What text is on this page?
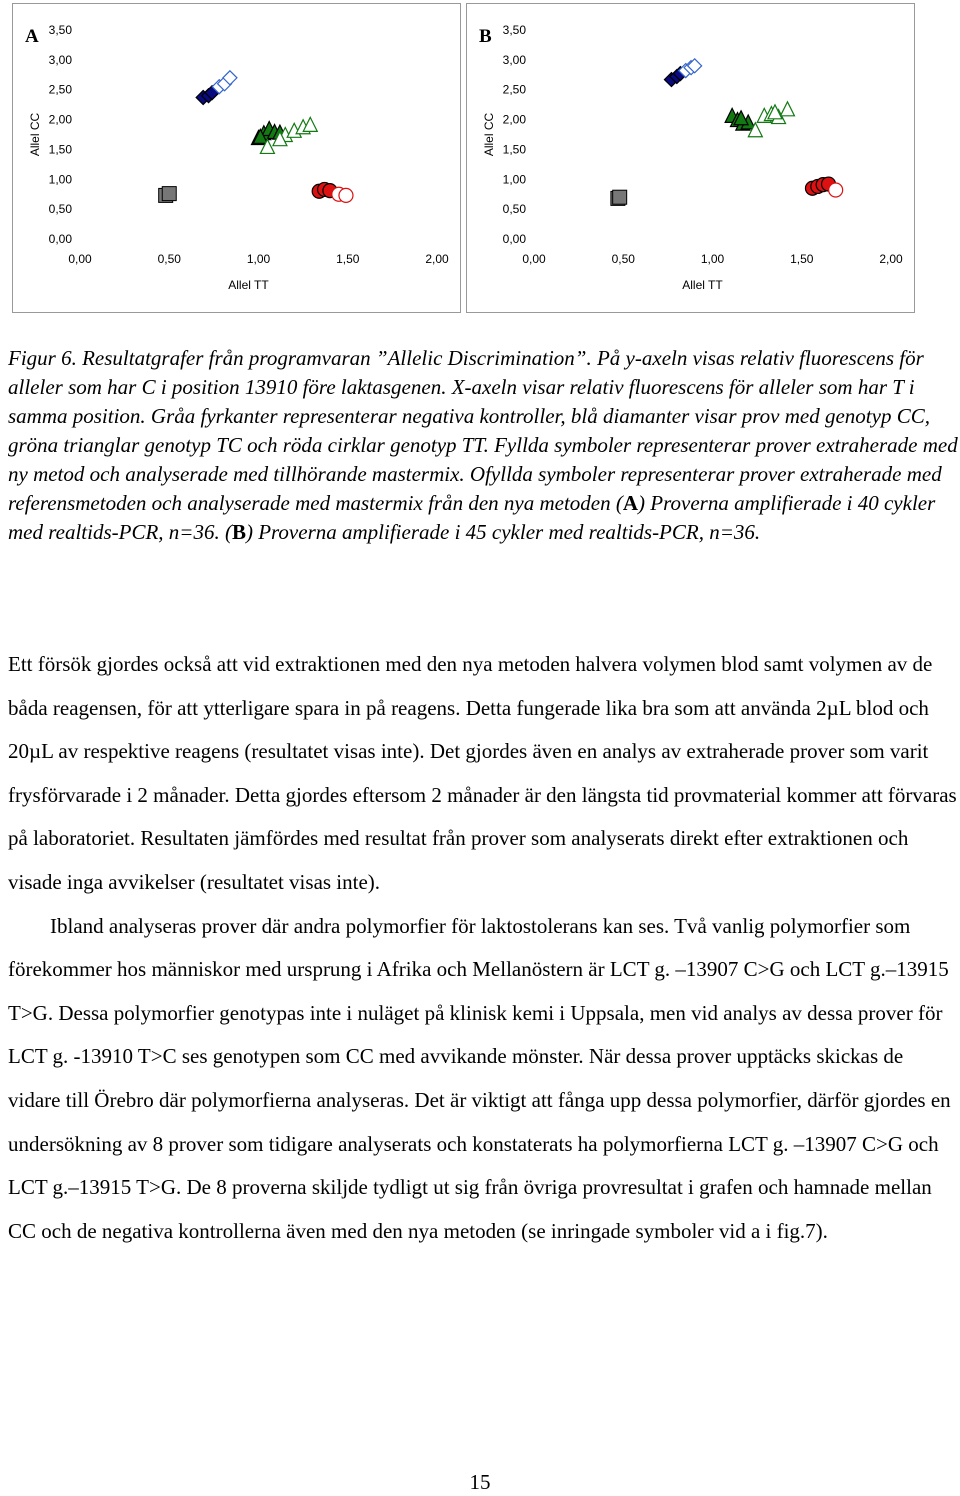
A
0,00
0,50
1,00
1,50
2,00
2,50
3,00
3,50
0,00	0,50	1,00	1,50	2,00
Allel TT
Allel CC
B
0,00
0,50
1,00
1,50
2,00
2,50
3,00
3,50
0,00	0,50	1,00	1,50	2,00
Allel TT
Allel CC

Figur 6. Resultatgrafer från programvaran ”Allelic Discrimination”. På y-axeln visas relativ fluorescens för alleler som har C i position 13910 före laktasgenen. X-axeln visar relativ fluorescens för alleler som har T i samma position. Gråa fyrkanter representerar negativa kontroller, blå diamanter visar prov med genotyp CC, gröna trianglar genotyp TC och röda cirklar genotyp TT. Fyllda symboler representerar prover extraherade med ny metod och analyserade med tillhörande mastermix. Ofyllda symboler representerar prover extraherade med referensmetoden och analyserade med mastermix från den nya metoden (A) Proverna amplifierade i 40 cykler med realtids-PCR, n=36. (B) Proverna amplifierade i 45 cykler med realtids-PCR, n=36.

Ett försök gjordes också att vid extraktionen med den nya metoden halvera volymen blod samt volymen av de båda reagensen, för att ytterligare spara in på reagens. Detta fungerade lika bra som att använda 2µL blod och 20µL av respektive reagens (resultatet visas inte). Det gjordes även en analys av extraherade prover som varit frysförvarade i 2 månader. Detta gjordes eftersom 2 månader är den längsta tid provmaterial kommer att förvaras på laboratoriet. Resultaten jämfördes med resultat från prover som analyserats direkt efter extraktionen och visade inga avvikelser (resultatet visas inte).

Ibland analyseras prover där andra polymorfier för laktostolerans kan ses. Två vanlig polymorfier som förekommer hos människor med ursprung i Afrika och Mellanöstern är LCT g. –13907 C>G och LCT g.–13915 T>G. Dessa polymorfier genotypas inte i nuläget på klinisk kemi i Uppsala, men vid analys av dessa prover för LCT g. -13910 T>C ses genotypen som CC med avvikande mönster. När dessa prover upptäcks skickas de vidare till Örebro där polymorfierna analyseras. Det är viktigt att fånga upp dessa polymorfier, därför gjordes en undersökning av 8 prover som tidigare analyserats och konstaterats ha polymorfierna LCT g. –13907 C>G och LCT g.–13915 T>G. De 8 proverna skiljde tydligt ut sig från övriga provresultat i grafen och hamnade mellan CC och de negativa kontrollerna även med den nya metoden (se inringade symboler vid a i fig.7).

15
